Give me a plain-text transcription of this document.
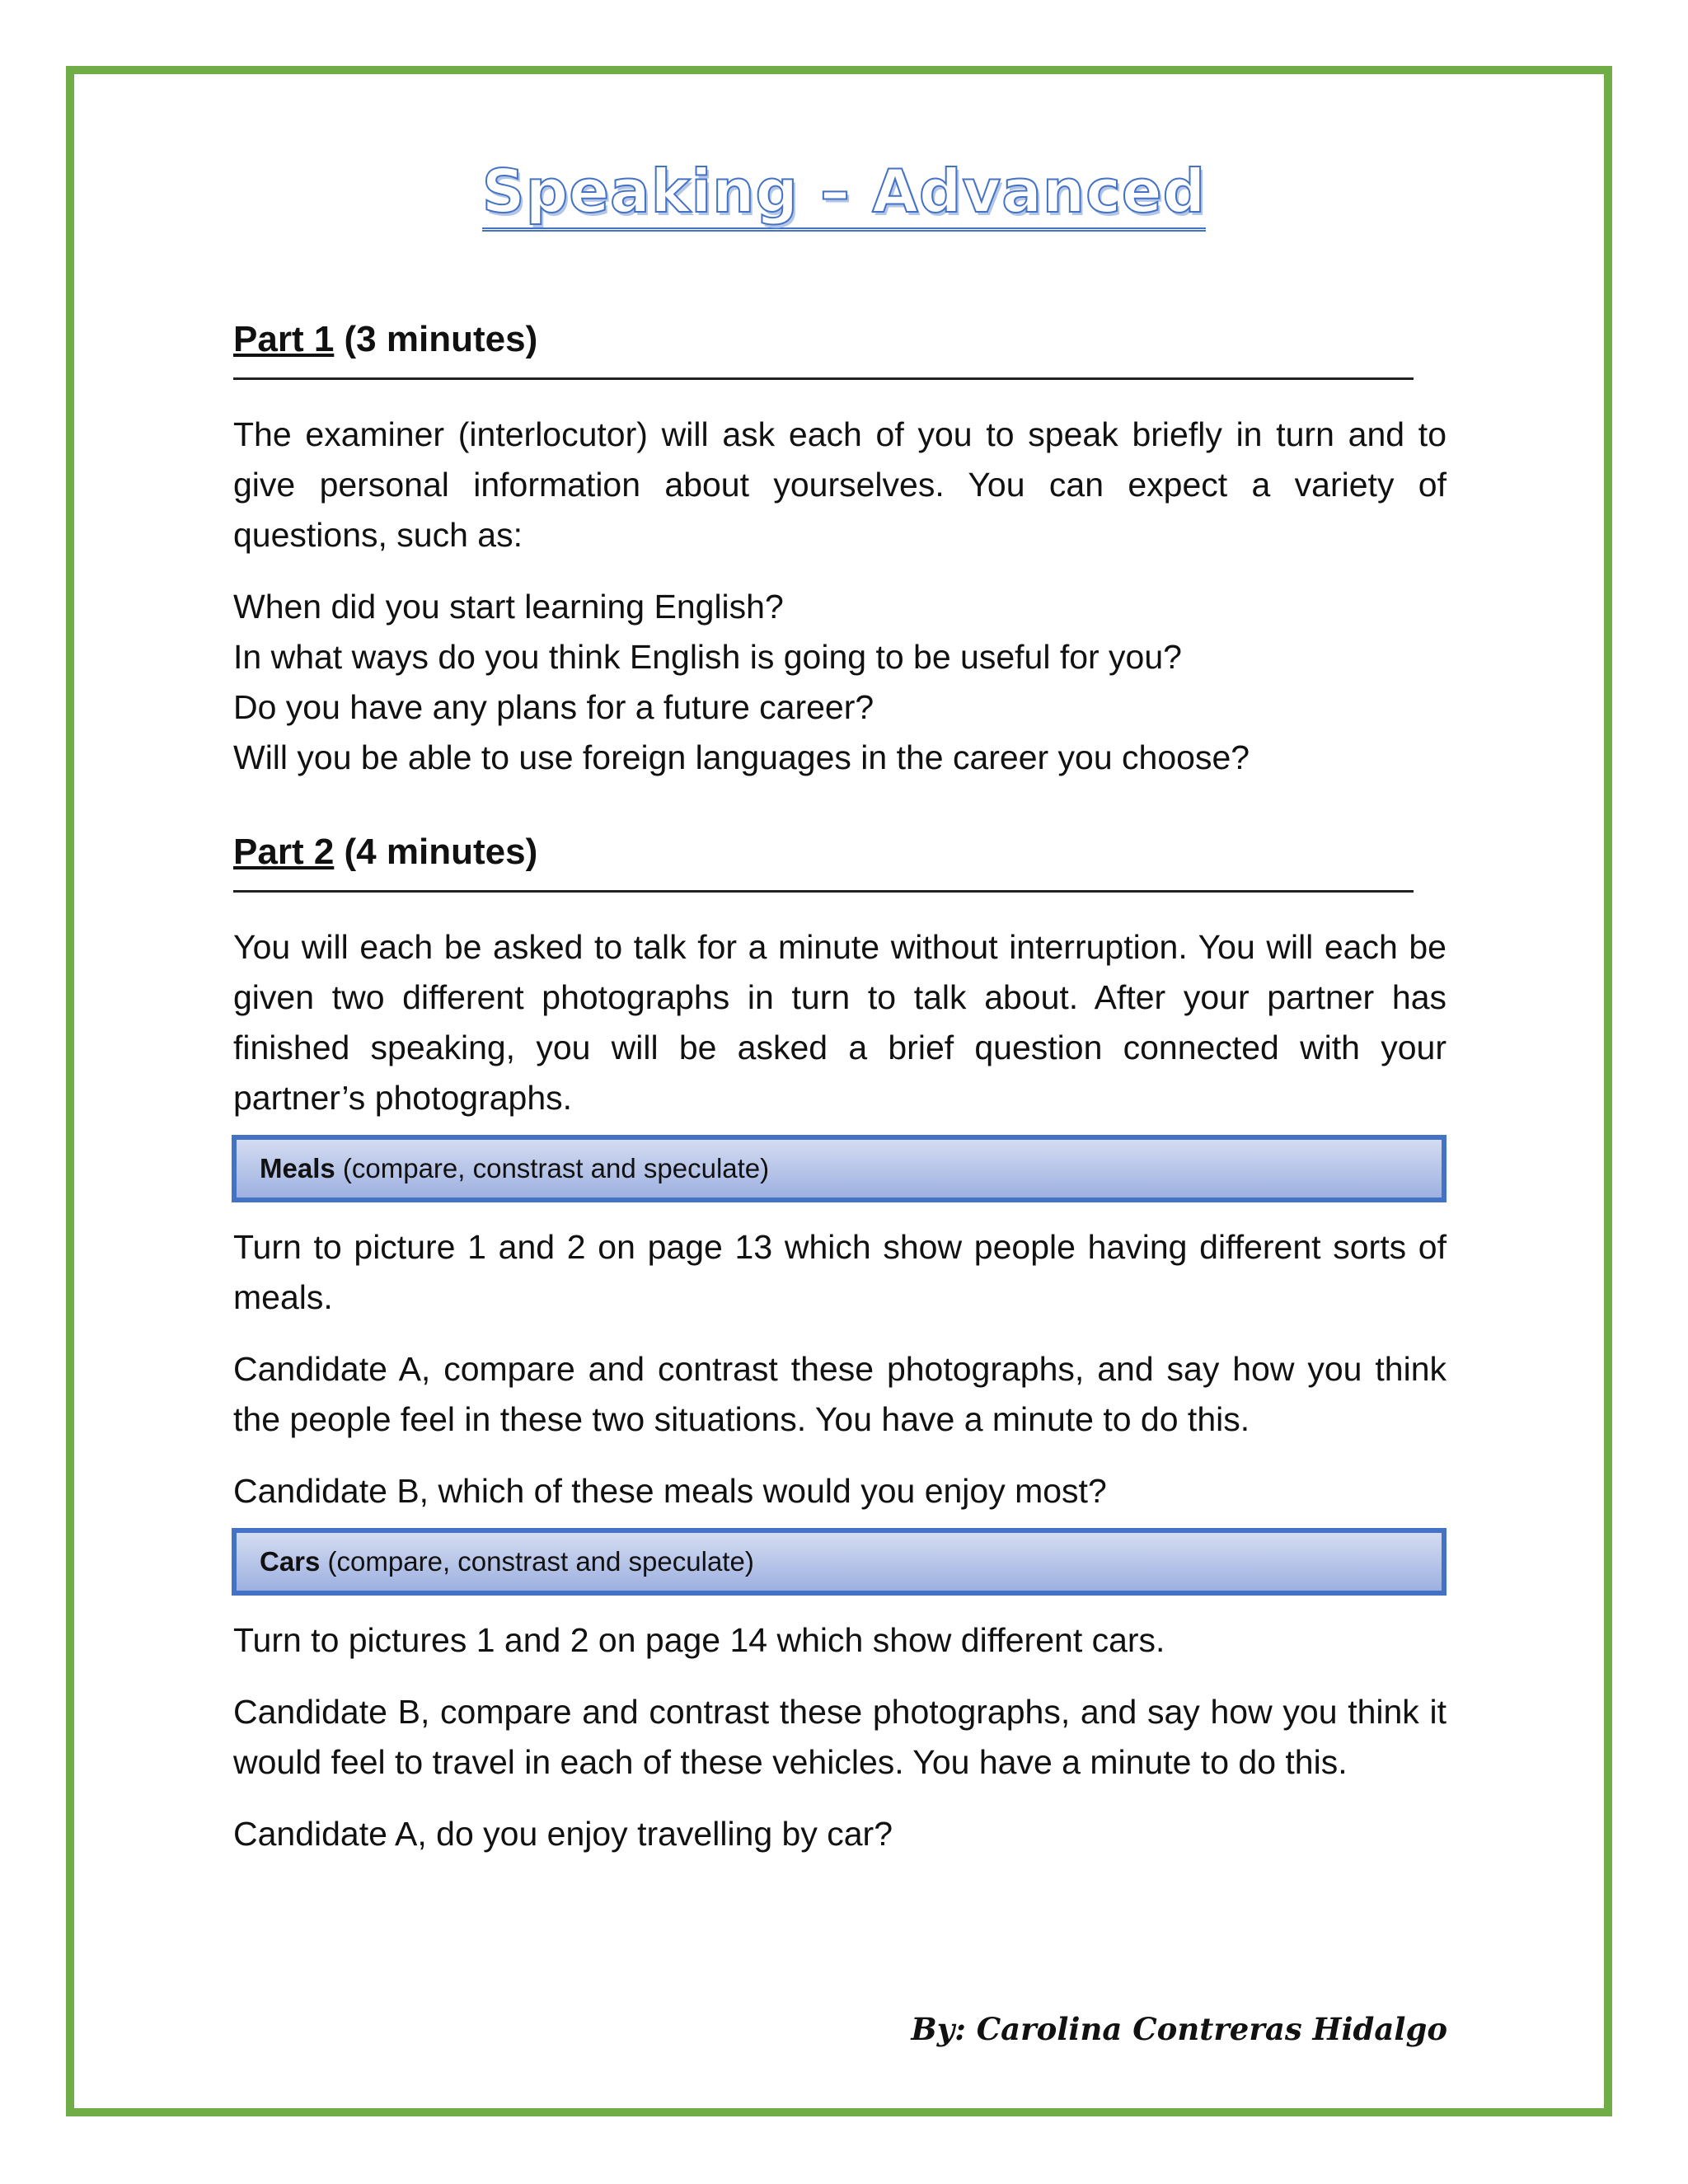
Speaking – Advanced
Part 1 (3 minutes)

The examiner (interlocutor) will ask each of you to speak briefly in turn and to give personal information about yourselves. You can expect a variety of questions, such as:

When did you start learning English?
In what ways do you think English is going to be useful for you?
Do you have any plans for a future career?
Will you be able to use foreign languages in the career you choose?
Part 2 (4 minutes)

You will each be asked to talk for a minute without interruption. You will each be given two different photographs in turn to talk about. After your partner has finished speaking, you will be asked a brief question connected with your partner’s photographs.

Meals (compare, constrast and speculate)

Turn to picture 1 and 2 on page 13 which show people having different sorts of meals.

Candidate A, compare and contrast these photographs, and say how you think the people feel in these two situations. You have a minute to do this.

Candidate B, which of these meals would you enjoy most?

Cars (compare, constrast and speculate)

Turn to pictures 1 and 2 on page 14 which show different cars.

Candidate B, compare and contrast these photographs, and say how you think it would feel to travel in each of these vehicles. You have a minute to do this.

Candidate A, do you enjoy travelling by car?

By: Carolina Contreras Hidalgo
